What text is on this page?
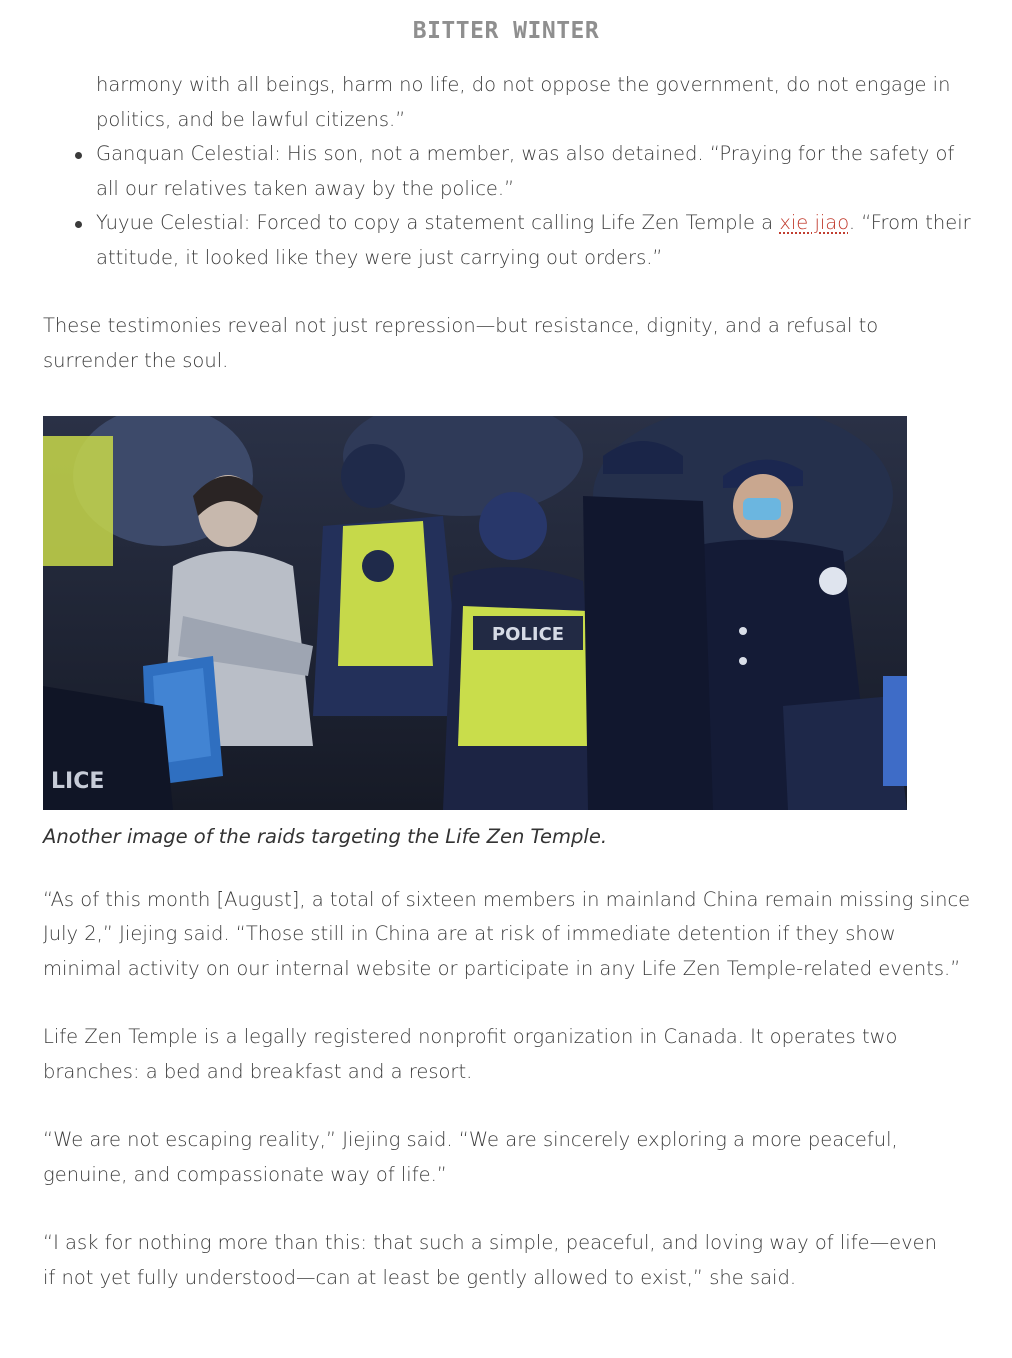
BITTER WINTER
harmony with all beings, harm no life, do not oppose the government, do not engage in politics, and be lawful citizens.”
Ganquan Celestial: His son, not a member, was also detained. “Praying for the safety of all our relatives taken away by the police.”
Yuyue Celestial: Forced to copy a statement calling Life Zen Temple a xie jiao. “From their attitude, it looked like they were just carrying out orders.”

These testimonies reveal not just repression—but resistance, dignity, and a refusal to surrender the soul.

POLICE
LICE
Another image of the raids targeting the Life Zen Temple.

“As of this month [August], a total of sixteen members in mainland China remain missing since July 2,” Jiejing said. “Those still in China are at risk of immediate detention if they show minimal activity on our internal website or participate in any Life Zen Temple-related events.”

Life Zen Temple is a legally registered nonprofit organization in Canada. It operates two branches: a bed and breakfast and a resort.

“We are not escaping reality,” Jiejing said. “We are sincerely exploring a more peaceful, genuine, and compassionate way of life.”

“I ask for nothing more than this: that such a simple, peaceful, and loving way of life—even if not yet fully understood—can at least be gently allowed to exist,” she said.
